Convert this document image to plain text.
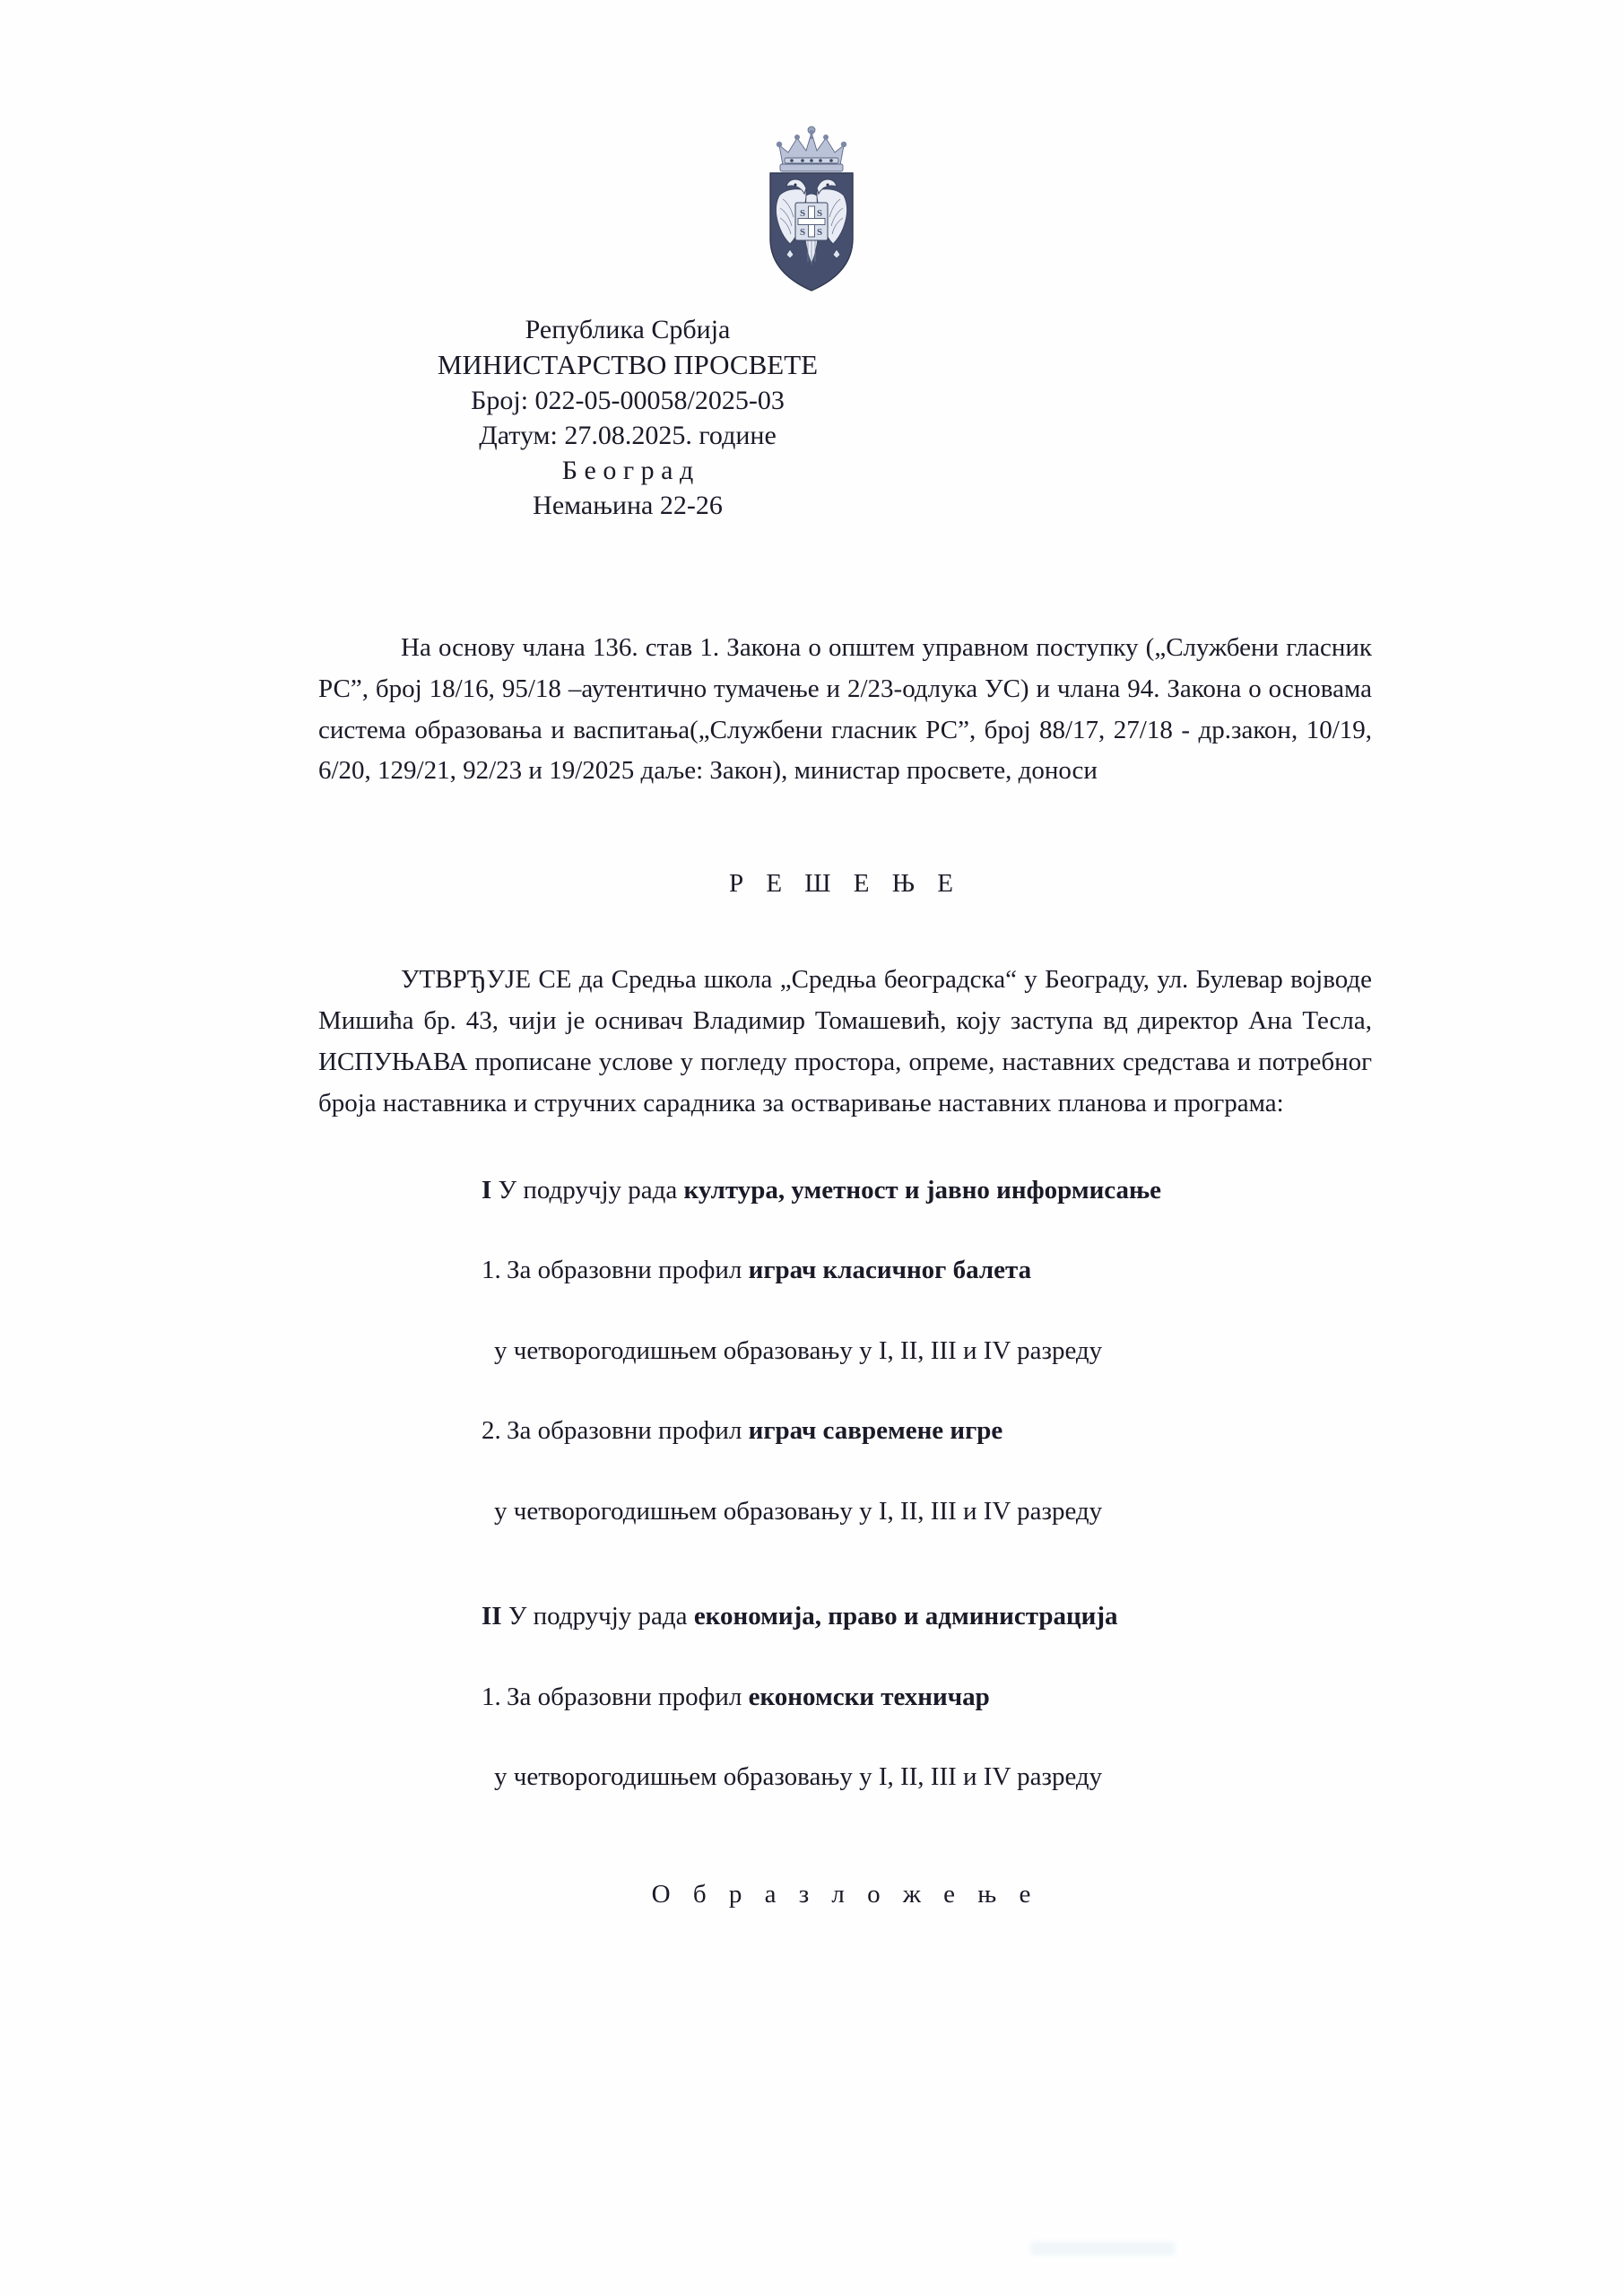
Ѕ Ѕ
Ѕ Ѕ
Република Србија
МИНИСТАРСТВО ПРОСВЕТЕ
Број: 022-05-00058/2025-03
Датум: 27.08.2025. године
Б е о г р а д
Немањина 22-26

На основу члана 136. став 1. Закона о општем управном поступку („Службени гласник РС”, број 18/16, 95/18 –аутентично тумачење и 2/23-одлука УС) и члана 94. Закона о основама система образовања и васпитања(„Службени гласник РС”, број 88/17, 27/18 - др.закон, 10/19, 6/20, 129/21, 92/23 и 19/2025 даље: Закон), министар просвете, доноси

Р Е Ш Е Њ Е

УТВРЂУЈЕ СЕ да Средња школа „Средња београдска“ у Београду, ул. Булевар војводе Мишића бр. 43, чији је оснивач Владимир Томашевић, коју заступа вд директор Ана Тесла, ИСПУЊАВА прописане услове у погледу простора, опреме, наставних средстава и потребног броја наставника и стручних сарадника за остваривање наставних планова и програма:

I У подручју рада култура, уметност и јавно информисање

1. За образовни профил играч класичног балета

у четворогодишњем образовању у I, II, III и IV разреду

2. За образовни профил играч савремене игре

у четворогодишњем образовању у I, II, III и IV разреду

II У подручју рада економија, право и администрација

1. За образовни профил економски техничар

у четворогодишњем образовању у I, II, III и IV разреду

О б р а з л о ж е њ е
